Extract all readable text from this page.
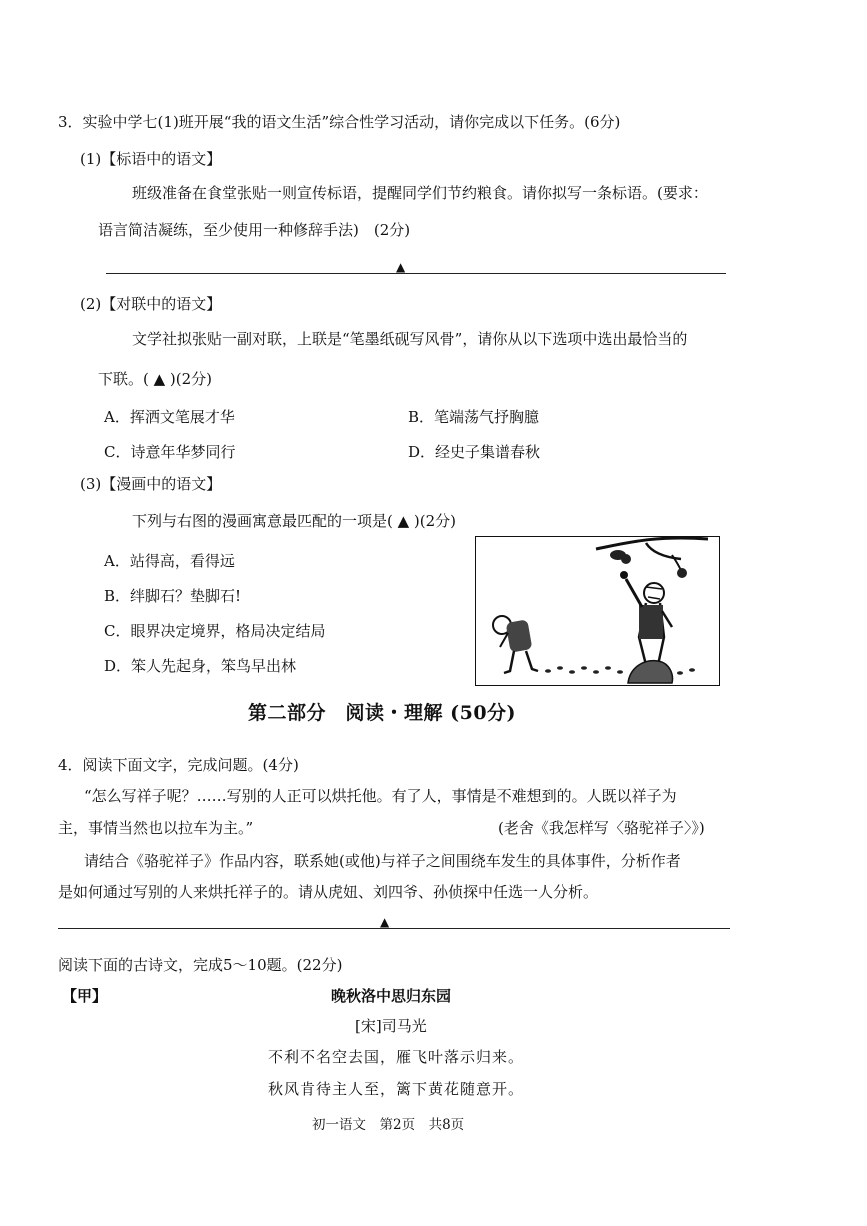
3．实验中学七(1)班开展“我的语文生活”综合性学习活动，请你完成以下任务。(6分)
(1)【标语中的语文】
班级准备在食堂张贴一则宣传标语，提醒同学们节约粮食。请你拟写一条标语。(要求：
语言简洁凝练，至少使用一种修辞手法)　(2分)
▲
(2)【对联中的语文】
文学社拟张贴一副对联，上联是“笔墨纸砚写风骨”，请你从以下选项中选出最恰当的
下联。( ▲ )(2分)
A．挥洒文笔展才华	B．笔端荡气抒胸臆
C．诗意年华梦同行	D．经史子集谱春秋
(3)【漫画中的语文】
下列与右图的漫画寓意最匹配的一项是( ▲ )(2分)
A．站得高，看得远
B．绊脚石？垫脚石!
C．眼界决定境界，格局决定结局
D．笨人先起身，笨鸟早出林
第二部分　阅读・理解 (50分)
4．阅读下面文字，完成问题。(4分)
“怎么写祥子呢？……写别的人正可以烘托他。有了人，事情是不难想到的。人既以祥子为
主，事情当然也以拉车为主。”	(老舍《我怎样写〈骆驼祥子〉》)
请结合《骆驼祥子》作品内容，联系她(或他)与祥子之间围绕车发生的具体事件，分析作者
是如何通过写别的人来烘托祥子的。请从虎妞、刘四爷、孙侦探中任选一人分析。
▲
阅读下面的古诗文，完成5～10题。(22分)
【甲】	晚秋洛中思归东园
[宋]司马光
不利不名空去国，雁飞叶落示归来。
秋风肯待主人至，篱下黄花随意开。
初一语文　第2页　共8页
